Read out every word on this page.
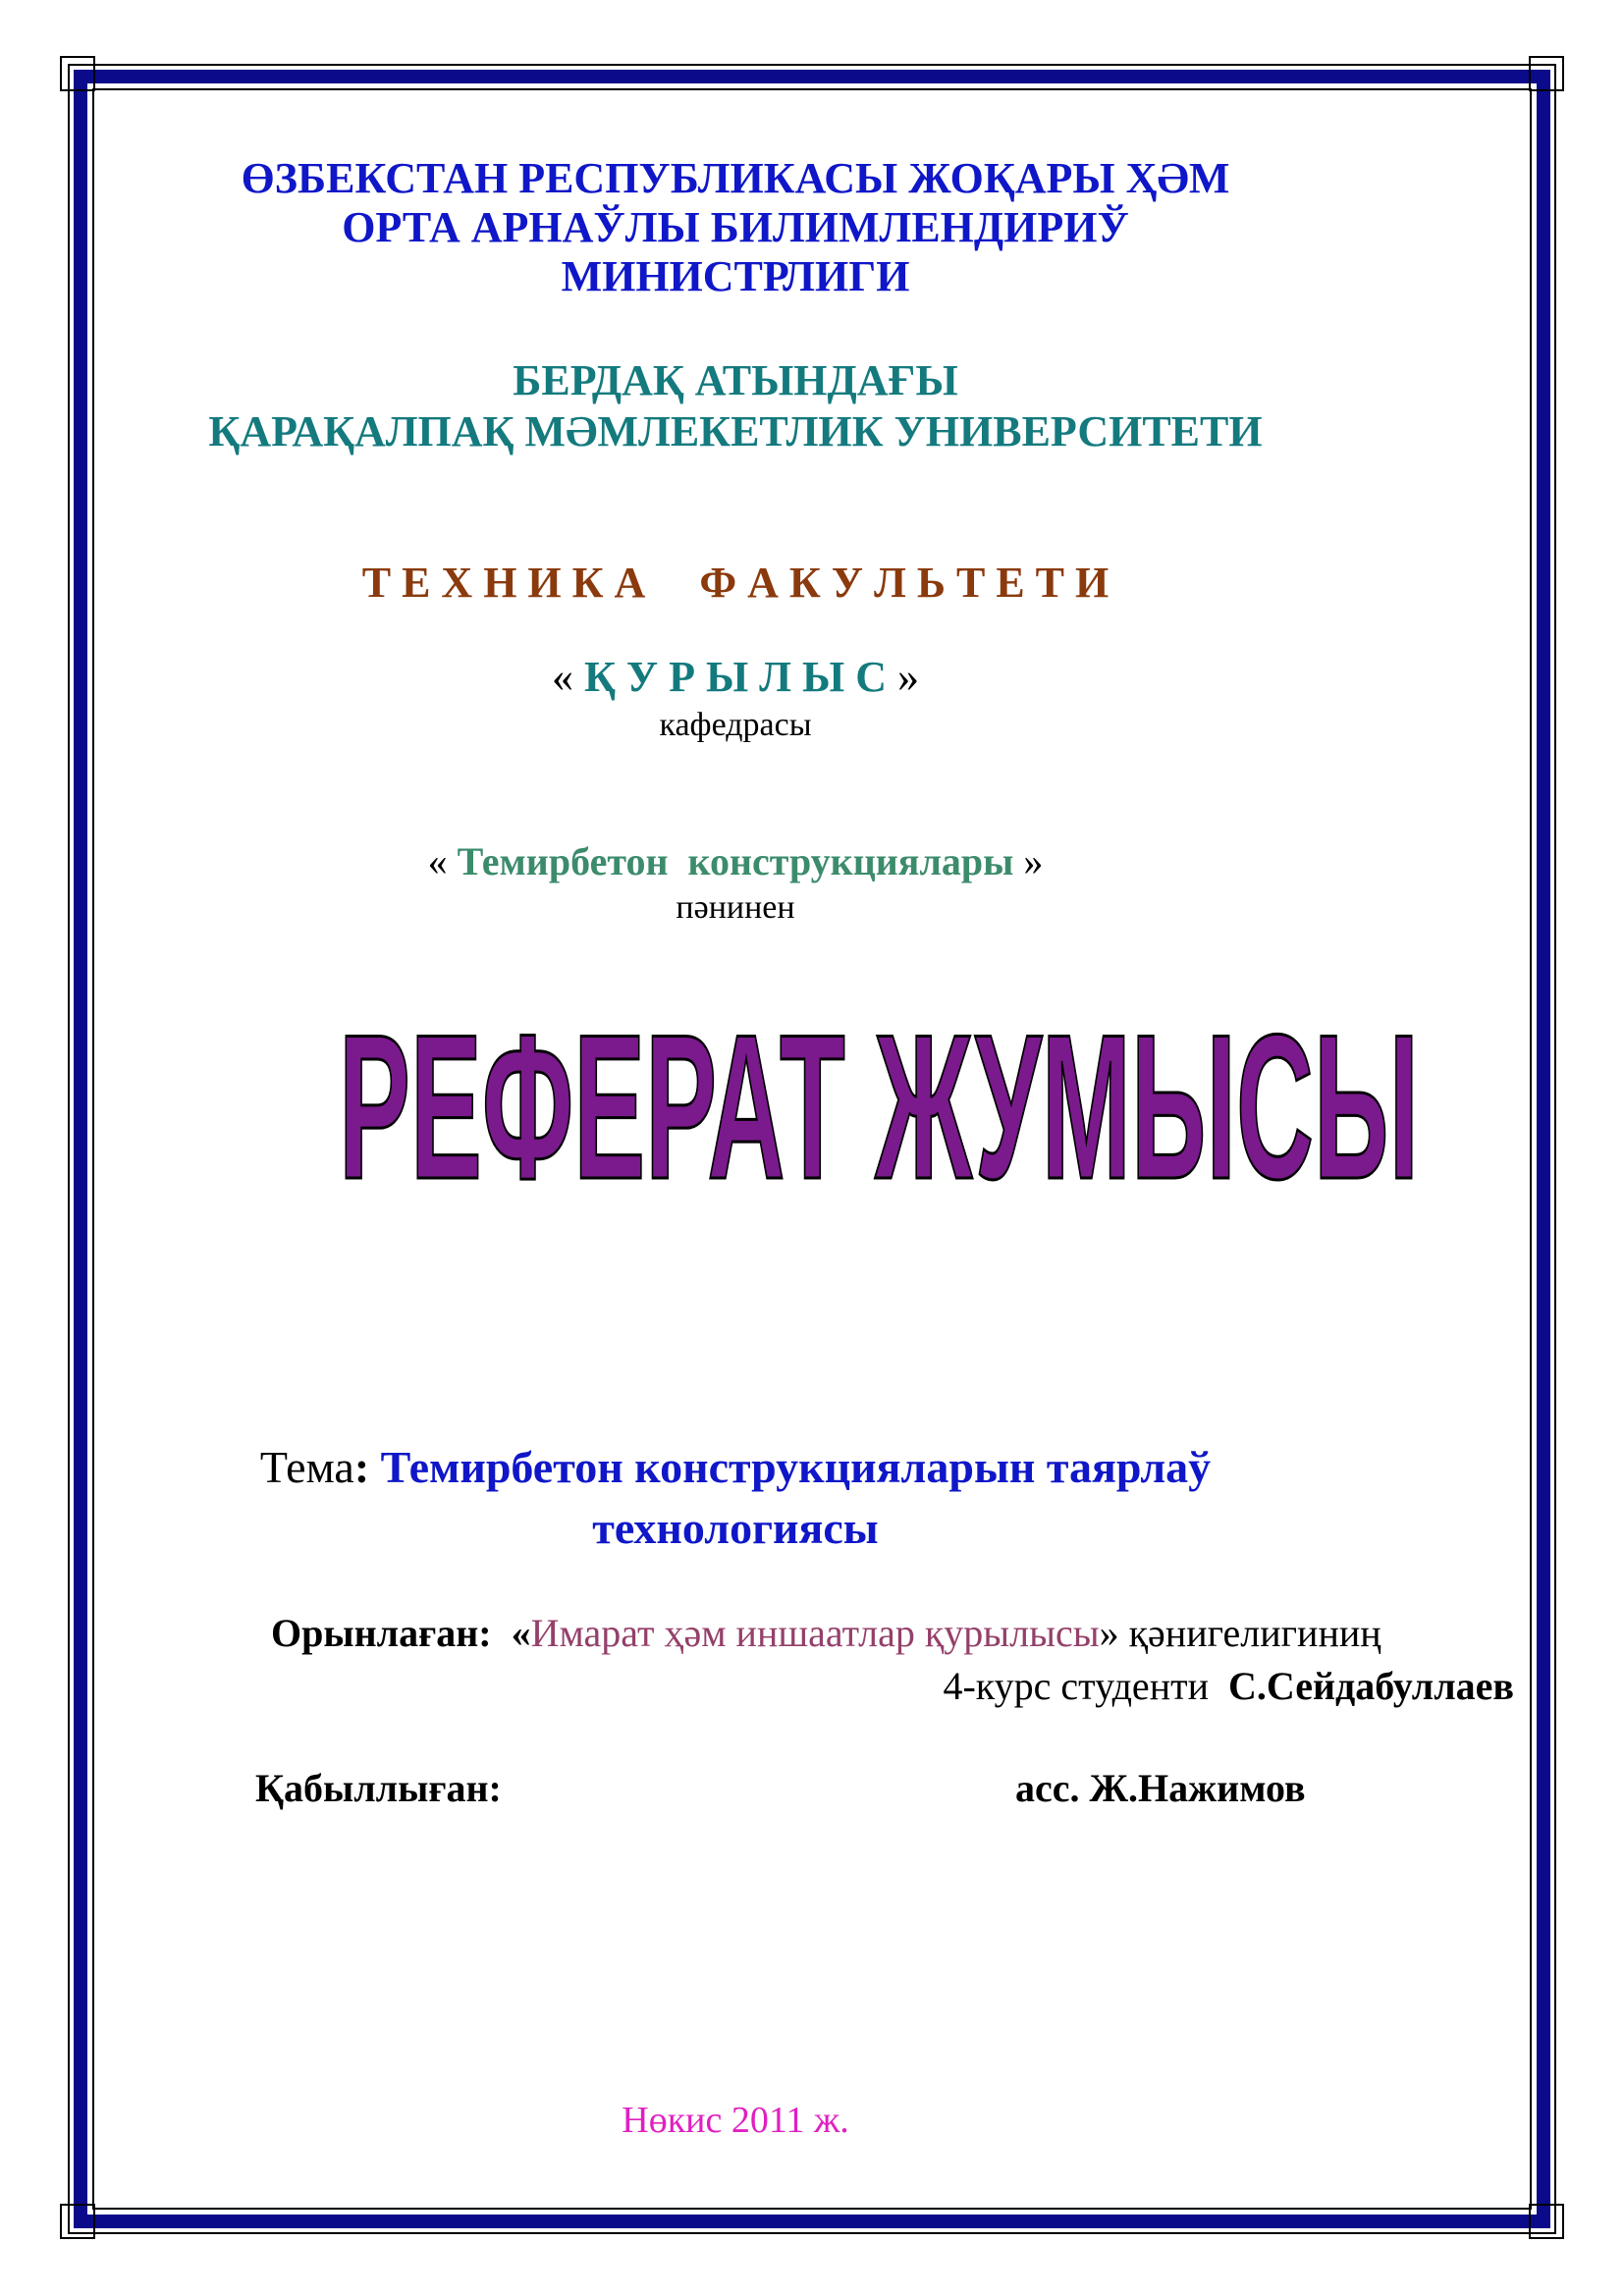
ӨЗБЕКСТАН РЕСПУБЛИКАСЫ ЖОҚАРЫ ҲӘМ
ОРТА АРНАЎЛЫ БИЛИМЛЕНДИРИЎ
МИНИСТРЛИГИ
БЕРДАҚ АТЫНДАҒЫ
ҚАРАҚАЛПАҚ МӘМЛЕКЕТЛИК УНИВЕРСИТЕТИ
Т Е Х Н И К А     Ф А К У Л Ь Т Е Т И
« Қ У Р Ы Л Ы С »
кафедрасы
« Темирбетон  конструкциялары »
пәнинен
РЕФЕРАТ ЖУМЫСЫ
Тема: Темирбетон конструкцияларын таярлаў
технологиясы
Орынлаған:  «Имарат ҳәм иншаатлар қурылысы» қәнигелигиниң
4-курс студенти  С.Сейдабуллаев
Қабыллыған:	асс. Ж.Нажимов
Нөкис 2011 ж.
